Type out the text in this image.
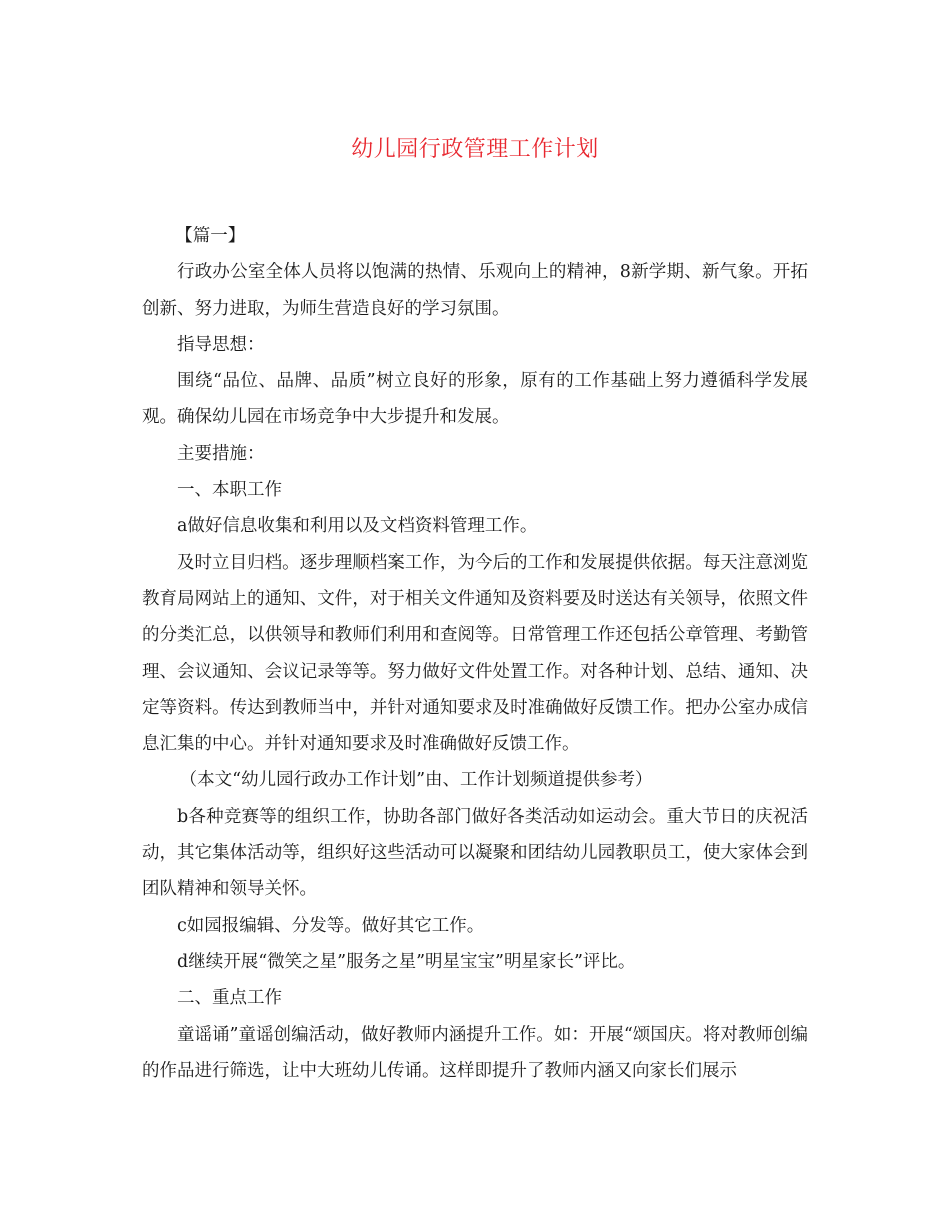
幼儿园行政管理工作计划

【篇一】

行政办公室全体人员将以饱满的热情、乐观向上的精神，8新学期、新气象。开拓创新、努力进取，为师生营造良好的学习氛围。

指导思想：

围绕“品位、品牌、品质”树立良好的形象，原有的工作基础上努力遵循科学发展观。确保幼儿园在市场竞争中大步提升和发展。

主要措施：

一、本职工作

a做好信息收集和利用以及文档资料管理工作。

及时立目归档。逐步理顺档案工作，为今后的工作和发展提供依据。每天注意浏览教育局网站上的通知、文件，对于相关文件通知及资料要及时送达有关领导，依照文件的分类汇总，以供领导和教师们利用和查阅等。日常管理工作还包括公章管理、考勤管理、会议通知、会议记录等等。努力做好文件处置工作。对各种计划、总结、通知、决定等资料。传达到教师当中，并针对通知要求及时准确做好反馈工作。把办公室办成信息汇集的中心。并针对通知要求及时准确做好反馈工作。

（本文“幼儿园行政办工作计划”由、工作计划频道提供参考）

b各种竞赛等的组织工作，协助各部门做好各类活动如运动会。重大节日的庆祝活动，其它集体活动等，组织好这些活动可以凝聚和团结幼儿园教职员工，使大家体会到团队精神和领导关怀。

c如园报编辑、分发等。做好其它工作。

d继续开展“微笑之星”服务之星”明星宝宝”明星家长”评比。

二、重点工作

童谣诵”童谣创编活动，做好教师内涵提升工作。如：开展“颂国庆。将对教师创编的作品进行筛选，让中大班幼儿传诵。这样即提升了教师内涵又向家长们展示
